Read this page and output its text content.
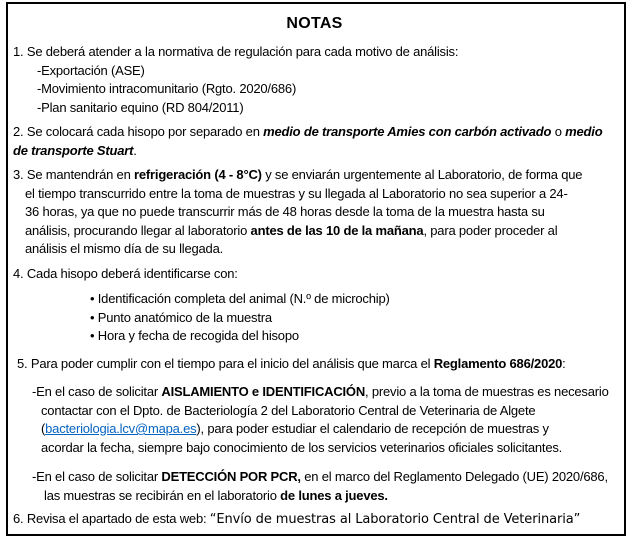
NOTAS
1. Se deberá atender a la normativa de regulación para cada motivo de análisis:
-Exportación (ASE)
-Movimiento intracomunitario (Rgto. 2020/686)
-Plan sanitario equino (RD 804/2011)
2. Se colocará cada hisopo por separado en medio de transporte Amies con carbón activado o medio
de transporte Stuart.
3. Se mantendrán en refrigeración (4 - 8°C) y se enviarán urgentemente al Laboratorio, de forma que
el tiempo transcurrido entre la toma de muestras y su llegada al Laboratorio no sea superior a 24-
36 horas, ya que no puede transcurrir más de 48 horas desde la toma de la muestra hasta su
análisis, procurando llegar al laboratorio antes de las 10 de la mañana, para poder proceder al
análisis el mismo día de su llegada.
4. Cada hisopo deberá identificarse con:
• Identificación completa del animal (N.º de microchip)
• Punto anatómico de la muestra
• Hora y fecha de recogida del hisopo
5. Para poder cumplir con el tiempo para el inicio del análisis que marca el Reglamento 686/2020:
-En el caso de solicitar AISLAMIENTO e IDENTIFICACIÓN, previo a la toma de muestras es necesario
contactar con el Dpto. de Bacteriología 2 del Laboratorio Central de Veterinaria de Algete
(bacteriologia.lcv@mapa.es), para poder estudiar el calendario de recepción de muestras y
acordar la fecha, siempre bajo conocimiento de los servicios veterinarios oficiales solicitantes.
-En el caso de solicitar DETECCIÓN POR PCR, en el marco del Reglamento Delegado (UE) 2020/686,
las muestras se recibirán en el laboratorio de lunes a jueves.
6. Revisa el apartado de esta web: “Envío de muestras al Laboratorio Central de Veterinaria”
